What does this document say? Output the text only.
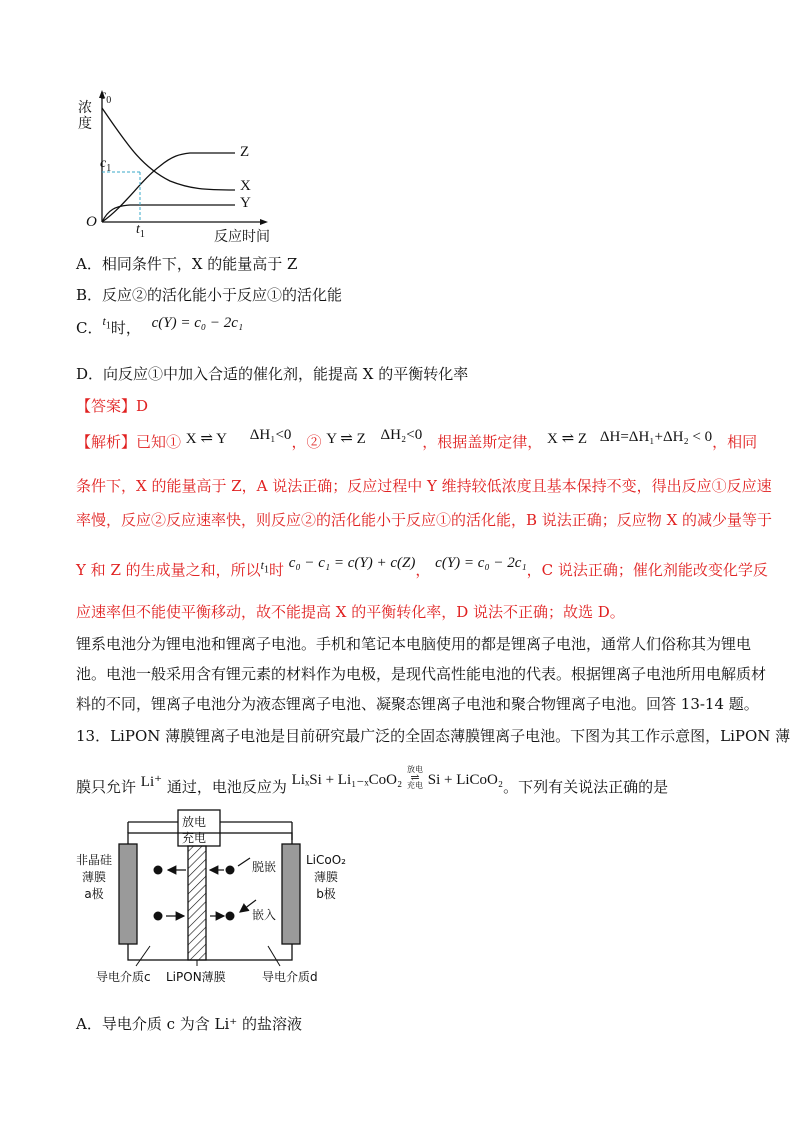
浓度
$c_0$
$c_1$
O	$t_1$	反应时间
Z
X
Y
A．相同条件下，X 的能量高于 Z
B．反应②的活化能小于反应①的活化能
C．$^{t_1}$时， c(Y) = c₀ − 2c₁
D．向反应①中加入合适的催化剂，能提高 X 的平衡转化率
【答案】D
【解析】已知① X ⇌ Y ΔH₁<0，② Y ⇌ Z ΔH₂<0，根据盖斯定律， X ⇌ Z ΔH=ΔH₁+ΔH₂ < 0，相同
条件下，X 的能量高于 Z，A 说法正确；反应过程中 Y 维持较低浓度且基本保持不变，得出反应①反应速
率慢，反应②反应速率快，则反应②的活化能小于反应①的活化能，B 说法正确；反应物 X 的减少量等于
Y 和 Z 的生成量之和，所以$^{t_1}$时 c₀ − c₁ = c(Y) + c(Z)， c(Y) = c₀ − 2c₁，C 说法正确；催化剂能改变化学反
应速率但不能使平衡移动，故不能提高 X 的平衡转化率，D 说法不正确；故选 D。
锂系电池分为锂电池和锂离子电池。手机和笔记本电脑使用的都是锂离子电池，通常人们俗称其为锂电
池。电池一般采用含有锂元素的材料作为电极，是现代高性能电池的代表。根据锂离子电池所用电解质材
料的不同，锂离子电池分为液态锂离子电池、凝聚态锂离子电池和聚合物锂离子电池。回答 13-14 题。
13．LiPON 薄膜锂离子电池是目前研究最广泛的全固态薄膜锂离子电池。下图为其工作示意图，LiPON 薄
膜只允许 Li⁺ 通过，电池反应为 LiₓSi + Li₁₋ₓCoO₂
放电
⇌
充电 Si + LiCoO₂。下列有关说法正确的是
放电
充电
非晶硅
薄膜
a极
LiCoO₂
薄膜
b极
脱嵌
嵌入
导电介质c LiPON薄膜	导电介质d
A．导电介质 c 为含 Li⁺ 的盐溶液
